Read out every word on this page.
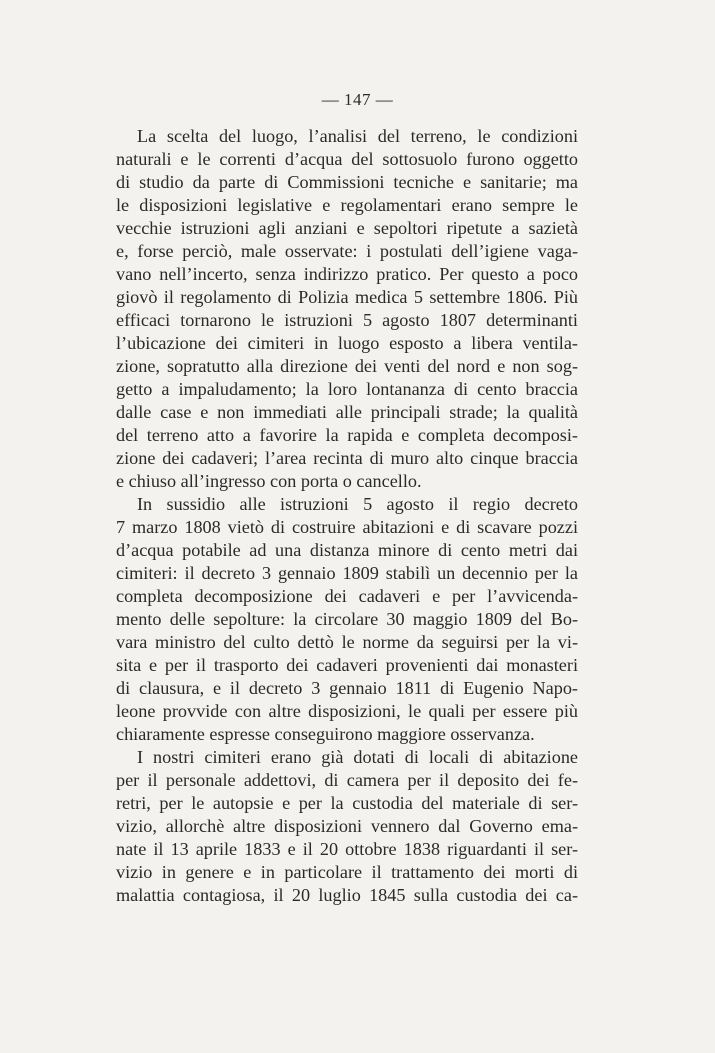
— 147 —
La scelta del luogo, l’analisi del terreno, le condizioni
naturali e le correnti d’acqua del sottosuolo furono oggetto
di studio da parte di Commissioni tecniche e sanitarie; ma
le disposizioni legislative e regolamentari erano sempre le
vecchie istruzioni agli anziani e sepoltori ripetute a sazietà
e, forse perciò, male osservate: i postulati dell’igiene vaga-
vano nell’incerto, senza indirizzo pratico. Per questo a poco
giovò il regolamento di Polizia medica 5 settembre 1806. Più
efficaci tornarono le istruzioni 5 agosto 1807 determinanti
l’ubicazione dei cimiteri in luogo esposto a libera ventila-
zione, sopratutto alla direzione dei venti del nord e non sog-
getto a impaludamento; la loro lontananza di cento braccia
dalle case e non immediati alle principali strade; la qualità
del terreno atto a favorire la rapida e completa decomposi-
zione dei cadaveri; l’area recinta di muro alto cinque braccia
e chiuso all’ingresso con porta o cancello.
In sussidio alle istruzioni 5 agosto il regio decreto
7 marzo 1808 vietò di costruire abitazioni e di scavare pozzi
d’acqua potabile ad una distanza minore di cento metri dai
cimiteri: il decreto 3 gennaio 1809 stabilì un decennio per la
completa decomposizione dei cadaveri e per l’avvicenda-
mento delle sepolture: la circolare 30 maggio 1809 del Bo-
vara ministro del culto dettò le norme da seguirsi per la vi-
sita e per il trasporto dei cadaveri provenienti dai monasteri
di clausura, e il decreto 3 gennaio 1811 di Eugenio Napo-
leone provvide con altre disposizioni, le quali per essere più
chiaramente espresse conseguirono maggiore osservanza.
I nostri cimiteri erano già dotati di locali di abitazione
per il personale addettovi, di camera per il deposito dei fe-
retri, per le autopsie e per la custodia del materiale di ser-
vizio, allorchè altre disposizioni vennero dal Governo ema-
nate il 13 aprile 1833 e il 20 ottobre 1838 riguardanti il ser-
vizio in genere e in particolare il trattamento dei morti di
malattia contagiosa, il 20 luglio 1845 sulla custodia dei ca-
